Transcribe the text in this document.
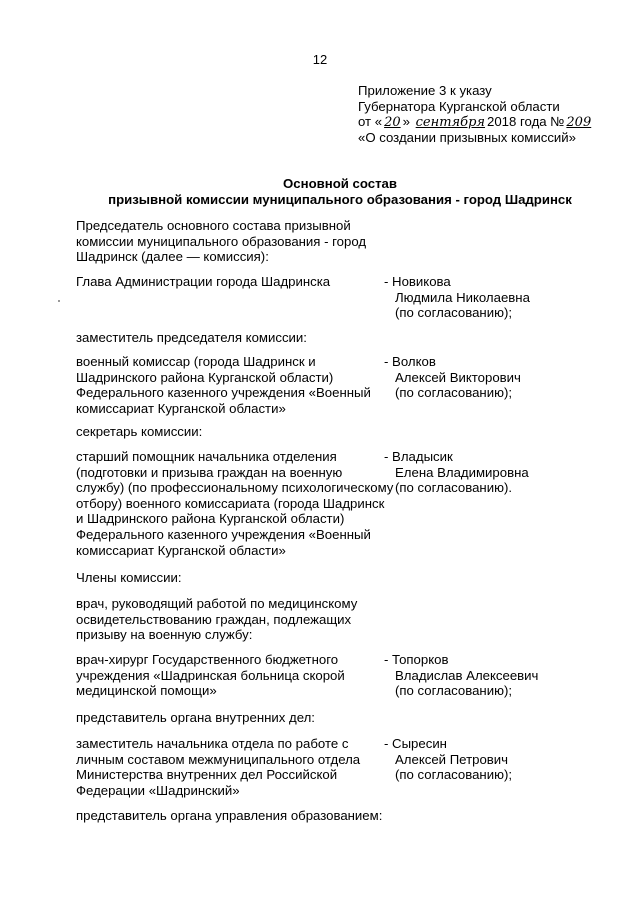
12
Приложение 3 к указу
Губернатора Курганской области
от « 20 » сентября 2018 года № 209
«О создании призывных комиссий»
Основной состав
призывной комиссии муниципального образования - город Шадринск
Председатель основного состава призывной
комиссии муниципального образования - город
Шадринск (далее — комиссия):
Глава Администрации города Шадринска	- Новикова
Людмила Николаевна
(по согласованию);
заместитель председателя комиссии:
военный комиссар (города Шадринск и
Шадринского района Курганской области)
Федерального казенного учреждения «Военный
комиссариат Курганской области»
- Волков
Алексей Викторович
(по согласованию);
секретарь комиссии:
старший помощник начальника отделения
(подготовки и призыва граждан на военную
службу) (по профессиональному психологическому
отбору) военного комиссариата (города Шадринск
и Шадринского района Курганской области)
Федерального казенного учреждения «Военный
комиссариат Курганской области»
- Владысик
Елена Владимировна
(по согласованию).
Члены комиссии:
врач, руководящий работой по медицинскому
освидетельствованию граждан, подлежащих
призыву на военную службу:
врач-хирург Государственного бюджетного
учреждения «Шадринская больница скорой
медицинской помощи»
- Топорков
Владислав Алексеевич
(по согласованию);
представитель органа внутренних дел:
заместитель начальника отдела по работе с
личным составом межмуниципального отдела
Министерства внутренних дел Российской
Федерации «Шадринский»
- Сыресин
Алексей Петрович
(по согласованию);
представитель органа управления образованием:
